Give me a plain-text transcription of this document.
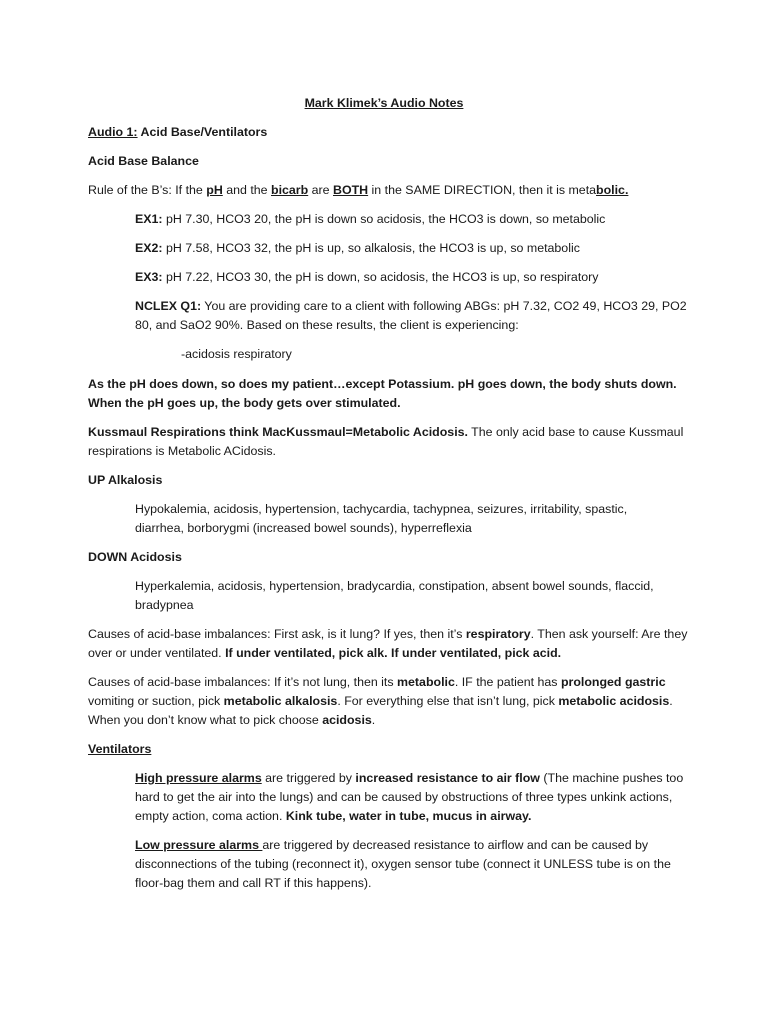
Mark Klimek’s Audio Notes

Audio 1: Acid Base/Ventilators

Acid Base Balance

Rule of the B’s: If the pH and the bicarb are BOTH in the SAME DIRECTION, then it is metabolic.

EX1: pH 7.30, HCO3 20, the pH is down so acidosis, the HCO3 is down, so metabolic

EX2: pH 7.58, HCO3 32, the pH is up, so alkalosis, the HCO3 is up, so metabolic

EX3: pH 7.22, HCO3 30, the pH is down, so acidosis, the HCO3 is up, so respiratory

NCLEX Q1: You are providing care to a client with following ABGs: pH 7.32, CO2 49, HCO3 29, PO2 80, and SaO2 90%. Based on these results, the client is experiencing:

-acidosis respiratory

As the pH does down, so does my patient…except Potassium. pH goes down, the body shuts down. When the pH goes up, the body gets over stimulated.

Kussmaul Respirations think MacKussmaul=Metabolic Acidosis. The only acid base to cause Kussmaul respirations is Metabolic ACidosis.

UP Alkalosis

Hypokalemia, acidosis, hypertension, tachycardia, tachypnea, seizures, irritability, spastic, diarrhea, borborygmi (increased bowel sounds), hyperreflexia

DOWN Acidosis

Hyperkalemia, acidosis, hypertension, bradycardia, constipation, absent bowel sounds, flaccid, bradypnea

Causes of acid-base imbalances: First ask, is it lung? If yes, then it’s respiratory. Then ask yourself: Are they over or under ventilated. If under ventilated, pick alk. If under ventilated, pick acid.

Causes of acid-base imbalances: If it’s not lung, then its metabolic. IF the patient has prolonged gastric vomiting or suction, pick metabolic alkalosis. For everything else that isn’t lung, pick metabolic acidosis. When you don’t know what to pick choose acidosis.

Ventilators

High pressure alarms are triggered by increased resistance to air flow (The machine pushes too hard to get the air into the lungs) and can be caused by obstructions of three types unkink actions, empty action, coma action. Kink tube, water in tube, mucus in airway.

Low pressure alarms are triggered by decreased resistance to airflow and can be caused by disconnections of the tubing (reconnect it), oxygen sensor tube (connect it UNLESS tube is on the floor-bag them and call RT if this happens).
